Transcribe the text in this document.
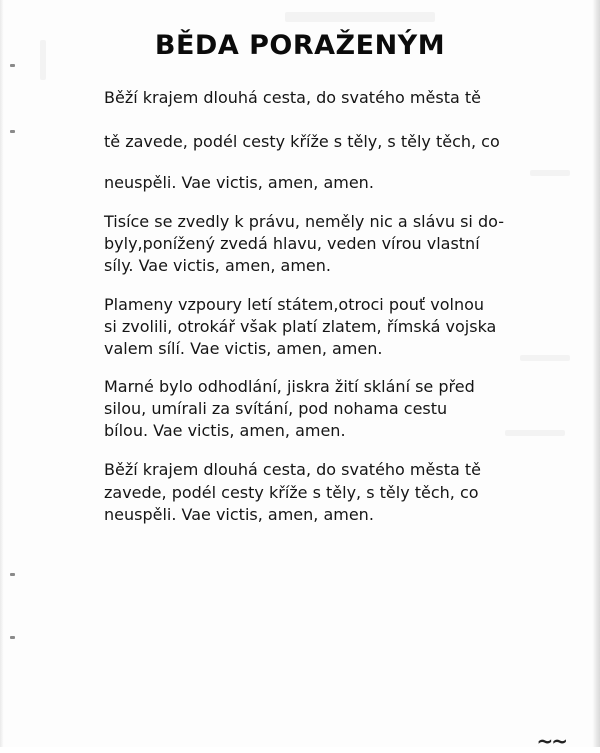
BĚDA PORAŽENÝM
Běží krajem dlouhá cesta, do svatého města tě
tě zavede, podél cesty kříže s těly, s těly těch, co
neuspěli. Vae victis, amen, amen.
Tisíce se zvedly k právu, neměly nic a slávu si do-
byly,ponížený zvedá hlavu, veden vírou vlastní
síly. Vae victis, amen, amen.
Plameny vzpoury letí státem,otroci pouť volnou
si zvolili, otrokář však platí zlatem, římská vojska
valem sílí. Vae victis, amen, amen.
Marné bylo odhodlání, jiskra žití sklání se před
silou, umírali za svítání, pod nohama cestu
bílou. Vae victis, amen, amen.
Běží krajem dlouhá cesta, do svatého města tě
zavede, podél cesty kříže s těly, s těly těch, co
neuspěli. Vae victis, amen, amen.
~~
